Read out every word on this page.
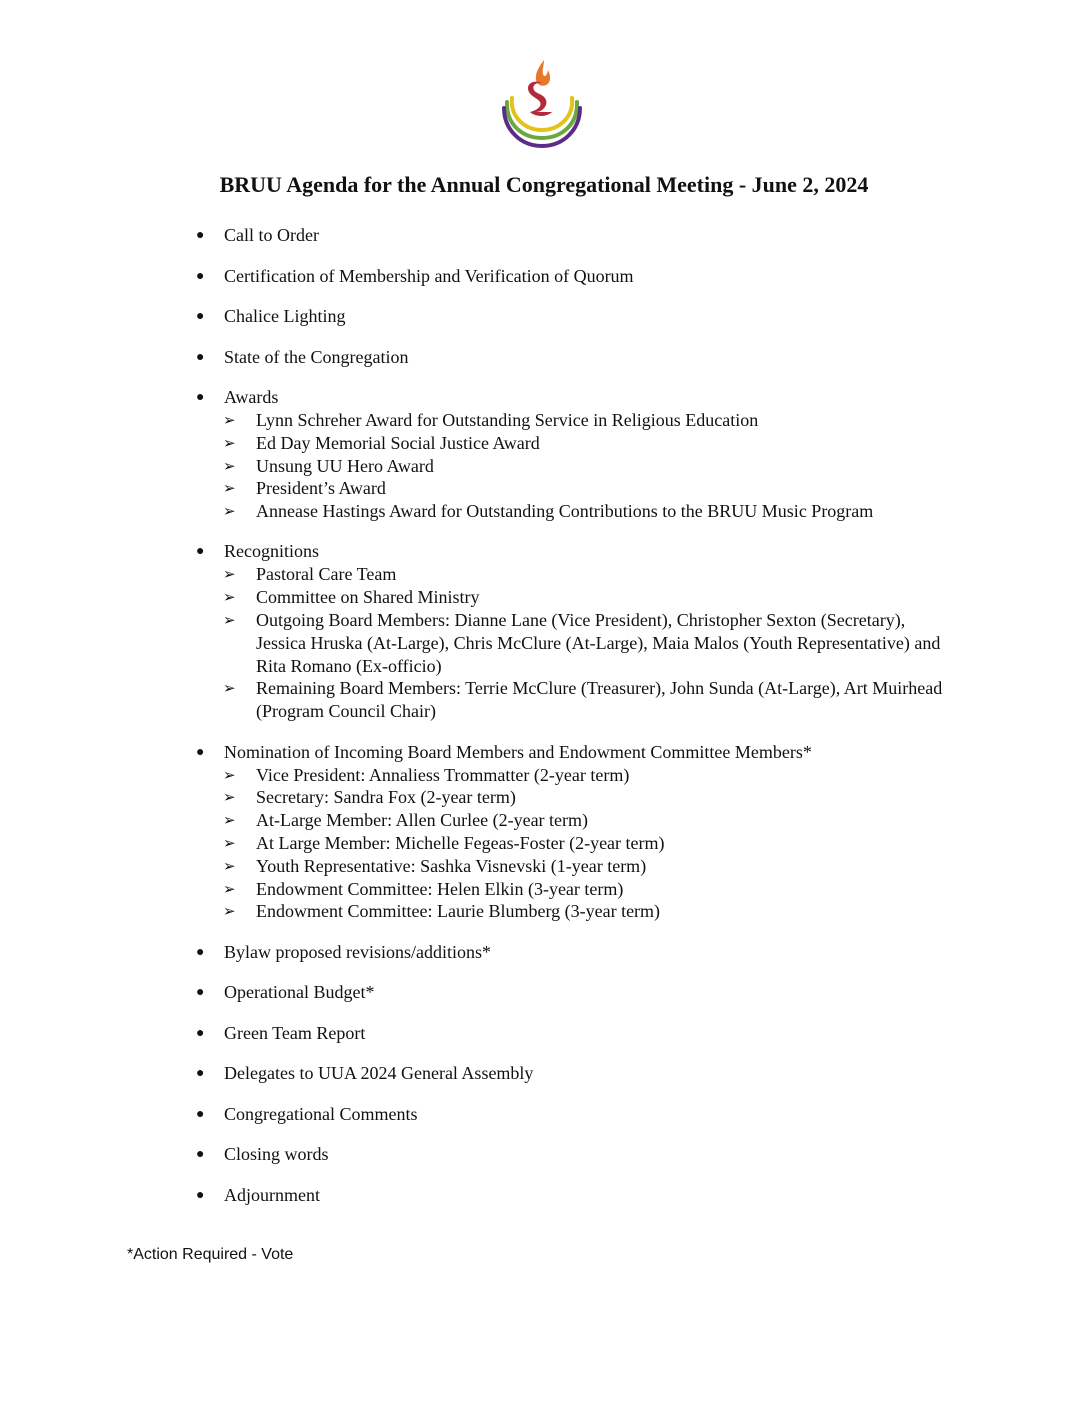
BRUU Agenda for the Annual Congregational Meeting - June 2, 2024
●	Call to Order
●	Certification of Membership and Verification of Quorum
●	Chalice Lighting
●	State of the Congregation
●	Awards
➢ Lynn Schreher Award for Outstanding Service in Religious Education
➢ Ed Day Memorial Social Justice Award
➢ Unsung UU Hero Award
➢ President’s Award
➢ Annease Hastings Award for Outstanding Contributions to the BRUU Music Program
●	Recognitions
➢ Pastoral Care Team
➢ Committee on Shared Ministry
➢ Outgoing Board Members: Dianne Lane (Vice President), Christopher Sexton (Secretary), Jessica Hruska (At-Large), Chris McClure (At-Large), Maia Malos (Youth Representative) and Rita Romano (Ex-officio)
➢ Remaining Board Members: Terrie McClure (Treasurer), John Sunda (At-Large), Art Muirhead (Program Council Chair)
●	Nomination of Incoming Board Members and Endowment Committee Members*
➢ Vice President: Annaliess Trommatter (2-year term)
➢ Secretary: Sandra Fox (2-year term)
➢ At-Large Member: Allen Curlee (2-year term)
➢ At Large Member: Michelle Fegeas-Foster (2-year term)
➢ Youth Representative: Sashka Visnevski (1-year term)
➢ Endowment Committee: Helen Elkin (3-year term)
➢ Endowment Committee: Laurie Blumberg (3-year term)
●	Bylaw proposed revisions/additions*
●	Operational Budget*
●	Green Team Report
●	Delegates to UUA 2024 General Assembly
●	Congregational Comments
●	Closing words
●	Adjournment

*Action Required - Vote
